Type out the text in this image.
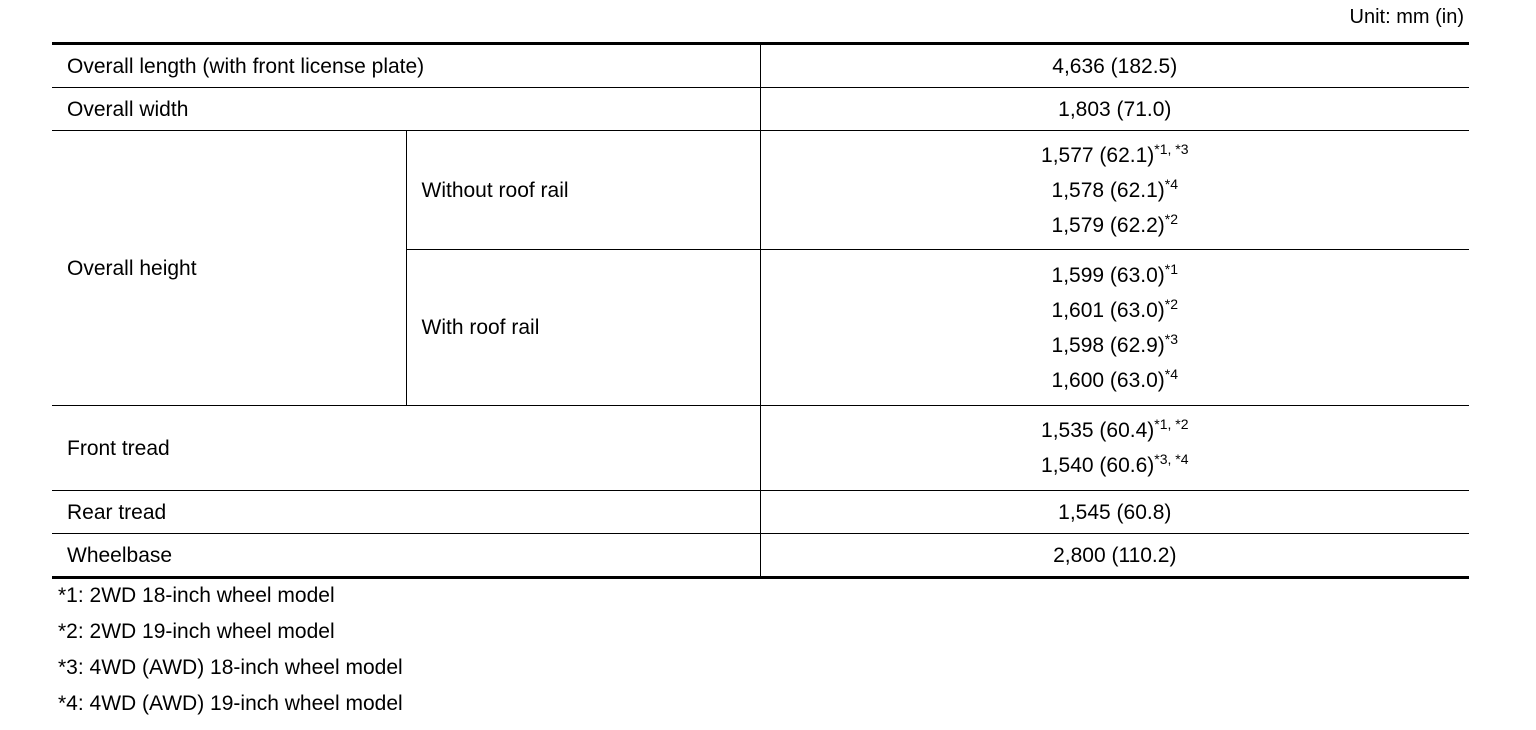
Unit: mm (in)
Overall length (with front license plate)		4,636 (182.5)
Overall width		1,803 (71.0)
Overall height	Without roof rail	1,577 $(62.1)^{*1, *3}$
1,578 $(62.1)^{*4}$
1,579 $(62.2)^{*2}$

	With roof rail	1,599 $(63.0)^{*1}$
1,601 $(63.0)^{*2}$
1,598 $(62.9)^{*3}$
1,600 $(63.0)^{*4}$

Front tread		1,535 $(60.4)^{*1, *2}$
1,540 $(60.6)^{*3, *4}$

Rear tread		1,545 (60.8)
Wheelbase		2,800 (110.2)
*1: 2WD 18-inch wheel model
*2: 2WD 19-inch wheel model
*3: 4WD (AWD) 18-inch wheel model
*4: 4WD (AWD) 19-inch wheel model
